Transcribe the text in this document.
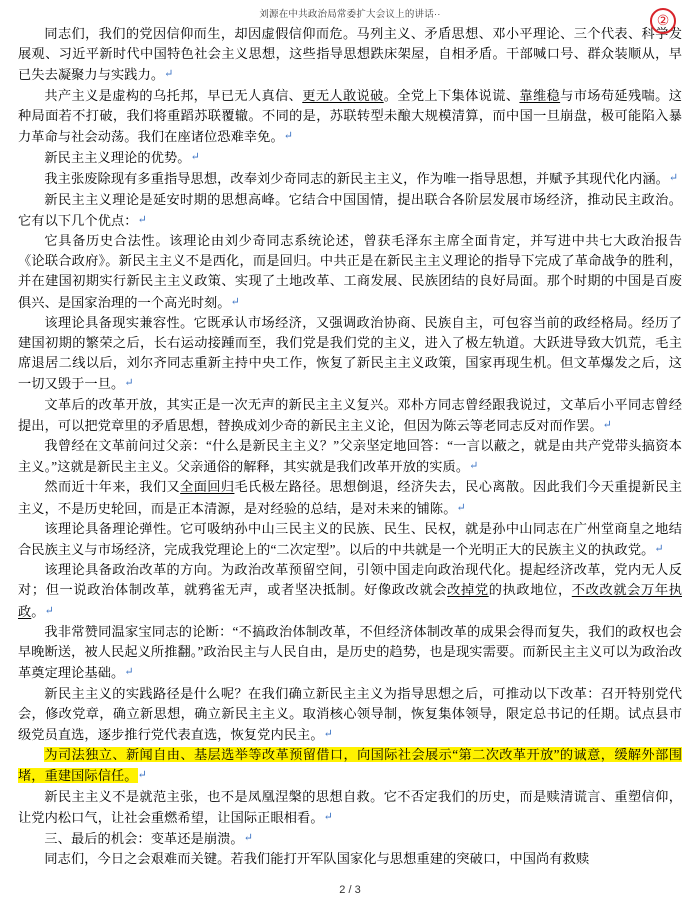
刘源在中共政治局常委扩大会议上的讲话··	②

同志们，我们的党因信仰而生，却因虚假信仰而危。马列主义、矛盾思想、邓小平理论、三个代表、科学发展观、习近平新时代中国特色社会主义思想，这些指导思想跌床架屋，自相矛盾。干部喊口号、群众装顺从，早已失去凝聚力与实践力。↵

共产主义是虚构的乌托邦，早已无人真信、更无人敢说破。全党上下集体说谎、靠维稳与市场苟延残喘。这种局面若不打破，我们将重蹈苏联覆辙。不同的是，苏联转型未酿大规模清算，而中国一旦崩盘，极可能陷入暴力革命与社会动荡。我们在座诸位恐难幸免。↵

新民主主义理论的优势。↵

我主张废除现有多重指导思想，改奉刘少奇同志的新民主主义，作为唯一指导思想，并赋予其现代化内涵。↵

新民主主义理论是延安时期的思想高峰。它结合中国国情，提出联合各阶层发展市场经济，推动民主政治。它有以下几个优点：↵

它具备历史合法性。该理论由刘少奇同志系统论述，曾获毛泽东主席全面肯定，并写进中共七大政治报告《论联合政府》。新民主主义不是西化，而是回归。中共正是在新民主主义理论的指导下完成了革命战争的胜利，并在建国初期实行新民主主义政策、实现了土地改革、工商发展、民族团结的良好局面。那个时期的中国是百废俱兴、是国家治理的一个高光时刻。↵

该理论具备现实兼容性。它既承认市场经济，又强调政治协商、民族自主，可包容当前的政经格局。经历了建国初期的繁荣之后，长右运动接踵而至，我们党是我们党的主义，进入了极左轨道。大跃进导致大饥荒，毛主席退居二线以后，刘尔齐同志重新主持中央工作，恢复了新民主主义政策，国家再现生机。但文革爆发之后，这一切又毁于一旦。↵

文革后的改革开放，其实正是一次无声的新民主主义复兴。邓朴方同志曾经跟我说过，文革后小平同志曾经提出，可以把党章里的矛盾思想，替换成刘少奇的新民主主义论，但因为陈云等老同志反对而作罢。↵

我曾经在文革前问过父亲：“什么是新民主主义？”父亲坚定地回答：“一言以蔽之，就是由共产党带头搞资本主义。”这就是新民主主义。父亲通俗的解释，其实就是我们改革开放的实质。↵

然而近十年来，我们又全面回归毛氏极左路径。思想倒退，经济失去，民心离散。因此我们今天重提新民主主义，不是历史轮回，而是正本清源，是对经验的总结，是对未来的铺陈。↵

该理论具备理论弹性。它可吸纳孙中山三民主义的民族、民生、民权，就是孙中山同志在广州堂商皇之地结合民族主义与市场经济，完成我党理论上的“二次定型”。以后的中共就是一个光明正大的民族主义的执政党。↵

该理论具备政治改革的方向。为政治改革预留空间，引领中国走向政治现代化。提起经济改革，党内无人反对；但一说政治体制改革，就鸦雀无声，或者坚决抵制。好像政改就会改掉党的执政地位，不改改就会万年执政。↵

我非常赞同温家宝同志的论断：“不搞政治体制改革，不但经济体制改革的成果会得而复失，我们的政权也会早晚断送，被人民起义所推翻。”政治民主与人民自由，是历史的趋势，也是现实需要。而新民主主义可以为政治改革奠定理论基础。↵

新民主主义的实践路径是什么呢？在我们确立新民主主义为指导思想之后，可推动以下改革：召开特别党代会，修改党章，确立新思想，确立新民主主义。取消核心领导制，恢复集体领导，限定总书记的任期。试点县市级党员直选，逐步推行党代表直选，恢复党内民主。↵

为司法独立、新闻自由、基层选举等改革预留借口，向国际社会展示“第二次改革开放”的诚意，缓解外部围堵，重建国际信任。↵

新民主主义不是就范主张，也不是凤凰涅槃的思想自救。它不否定我们的历史，而是赎清谎言、重塑信仰，让党内松口气，让社会重燃希望，让国际正眼相看。↵

三、最后的机会：变革还是崩溃。↵

同志们，今日之会艰难而关键。若我们能打开军队国家化与思想重建的突破口，中国尚有救赎

2 / 3
